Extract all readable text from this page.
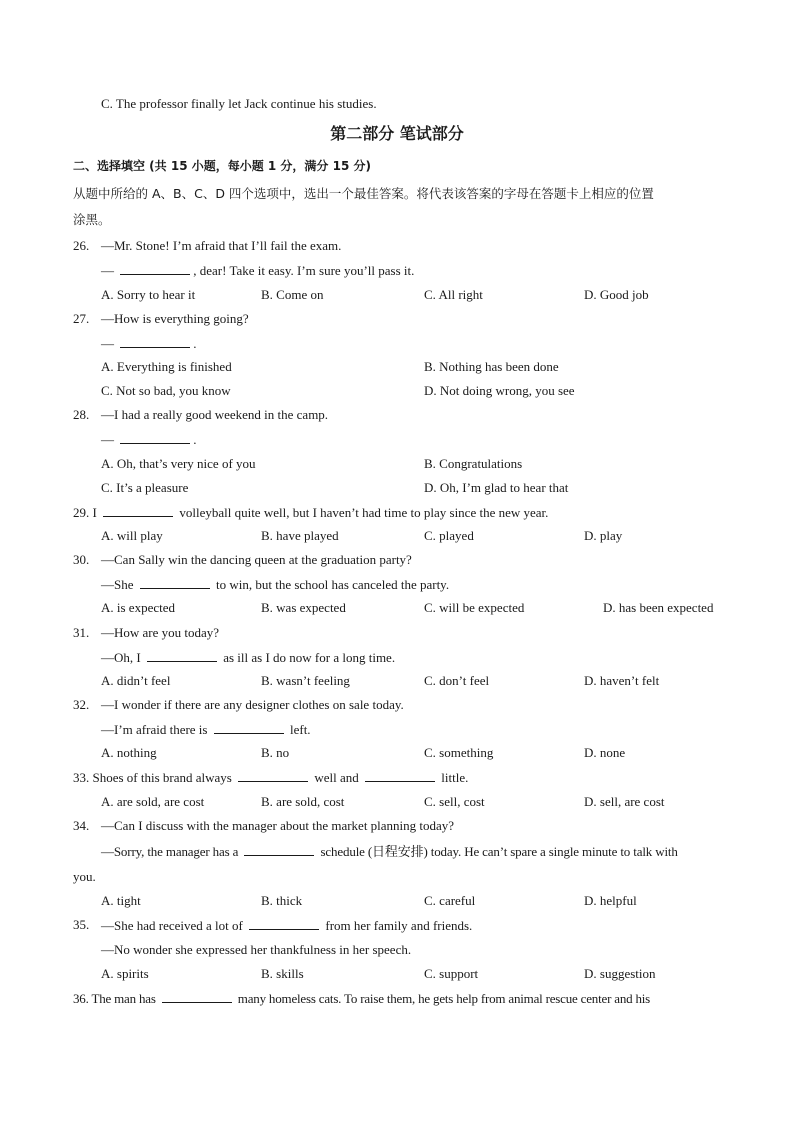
C. The professor finally let Jack continue his studies.
第二部分 笔试部分
二、选择填空 (共 15 小题，每小题 1 分，满分 15 分)
从题中所给的 A、B、C、D 四个选项中，选出一个最佳答案。将代表该答案的字母在答题卡上相应的位置
涂黑。
26. —Mr. Stone! I’m afraid that I’ll fail the exam.
—	, dear! Take it easy. I’m sure you’ll pass it.
A. Sorry to hear it	B. Come on	C. All right	D. Good job
27. —How is everything going?
—	.
A. Everything is finished	B. Nothing has been done
C. Not so bad, you know	D. Not doing wrong, you see
28. —I had a really good weekend in the camp.
—	.
A. Oh, that’s very nice of you	B. Congratulations
C. It’s a pleasure	D. Oh, I’m glad to hear that
29. I	volleyball quite well, but I haven’t had time to play since the new year.
A. will play	B. have played	C. played	D. play
30. —Can Sally win the dancing queen at the graduation party?
—She	to win, but the school has canceled the party.
A. is expected	B. was expected	C. will be expected	D. has been expected
31. —How are you today?
—Oh, I	as ill as I do now for a long time.
A. didn’t feel	B. wasn’t feeling	C. don’t feel	D. haven’t felt
32. —I wonder if there are any designer clothes on sale today.
—I’m afraid there is	left.
A. nothing	B. no	C. something	D. none
33. Shoes of this brand always	well and	little.
A. are sold, are cost	B. are sold, cost	C. sell, cost	D. sell, are cost
34. —Can I discuss with the manager about the market planning today?
—Sorry, the manager has a	schedule (日程安排) today. He can’t spare a single minute to talk with
you.
A. tight	B. thick	C. careful	D. helpful
35. —She had received a lot of	from her family and friends.
—No wonder she expressed her thankfulness in her speech.
A. spirits	B. skills	C. support	D. suggestion
36. The man has	many homeless cats. To raise them, he gets help from animal rescue center and his
